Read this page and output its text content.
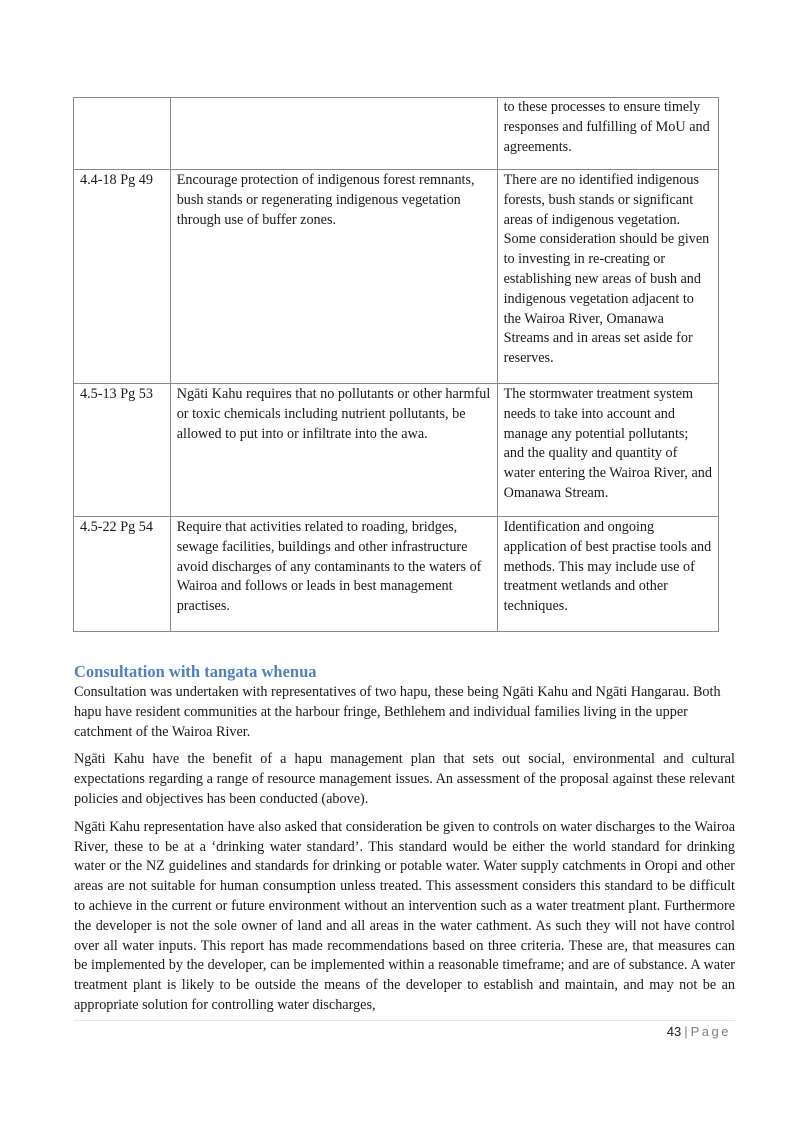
		to these processes to ensure timely responses and fulfilling of MoU and agreements.

4.4-18 Pg 49	Encourage protection of indigenous forest remnants, bush stands or regenerating indigenous vegetation through use of buffer zones.	There are no identified indigenous forests, bush stands or significant areas of indigenous vegetation. Some consideration should be given to investing in re-creating or establishing new areas of bush and indigenous vegetation adjacent to the Wairoa River, Omanawa Streams and in areas set aside for reserves.

4.5-13 Pg 53	Ngāti Kahu requires that no pollutants or other harmful or toxic chemicals including nutrient pollutants, be allowed to put into or infiltrate into the awa.	The stormwater treatment system needs to take into account and manage any potential pollutants; and the quality and quantity of water entering the Wairoa River, and Omanawa Stream.

4.5-22 Pg 54	Require that activities related to roading, bridges, sewage facilities, buildings and other infrastructure avoid discharges of any contaminants to the waters of Wairoa and follows or leads in best management practises.	Identification and ongoing application of best practise tools and methods. This may include use of treatment wetlands and other techniques.
Consultation with tangata whenua

Consultation was undertaken with representatives of two hapu, these being Ngāti Kahu and Ngāti Hangarau. Both hapu have resident communities at the harbour fringe, Bethlehem and individual families living in the upper catchment of the Wairoa River.

Ngāti Kahu have the benefit of a hapu management plan that sets out social, environmental and cultural expectations regarding a range of resource management issues. An assessment of the proposal against these relevant policies and objectives has been conducted (above).

Ngāti Kahu representation have also asked that consideration be given to controls on water discharges to the Wairoa River, these to be at a ‘drinking water standard’. This standard would be either the world standard for drinking water or the NZ guidelines and standards for drinking or potable water. Water supply catchments in Oropi and other areas are not suitable for human consumption unless treated. This assessment considers this standard to be difficult to achieve in the current or future environment without an intervention such as a water treatment plant. Furthermore the developer is not the sole owner of land and all areas in the water cathment. As such they will not have control over all water inputs. This report has made recommendations based on three criteria. These are, that measures can be implemented by the developer, can be implemented within a reasonable timeframe; and are of substance. A water treatment plant is likely to be outside the means of the developer to establish and maintain, and may not be an appropriate solution for controlling water discharges,

43 | Page
